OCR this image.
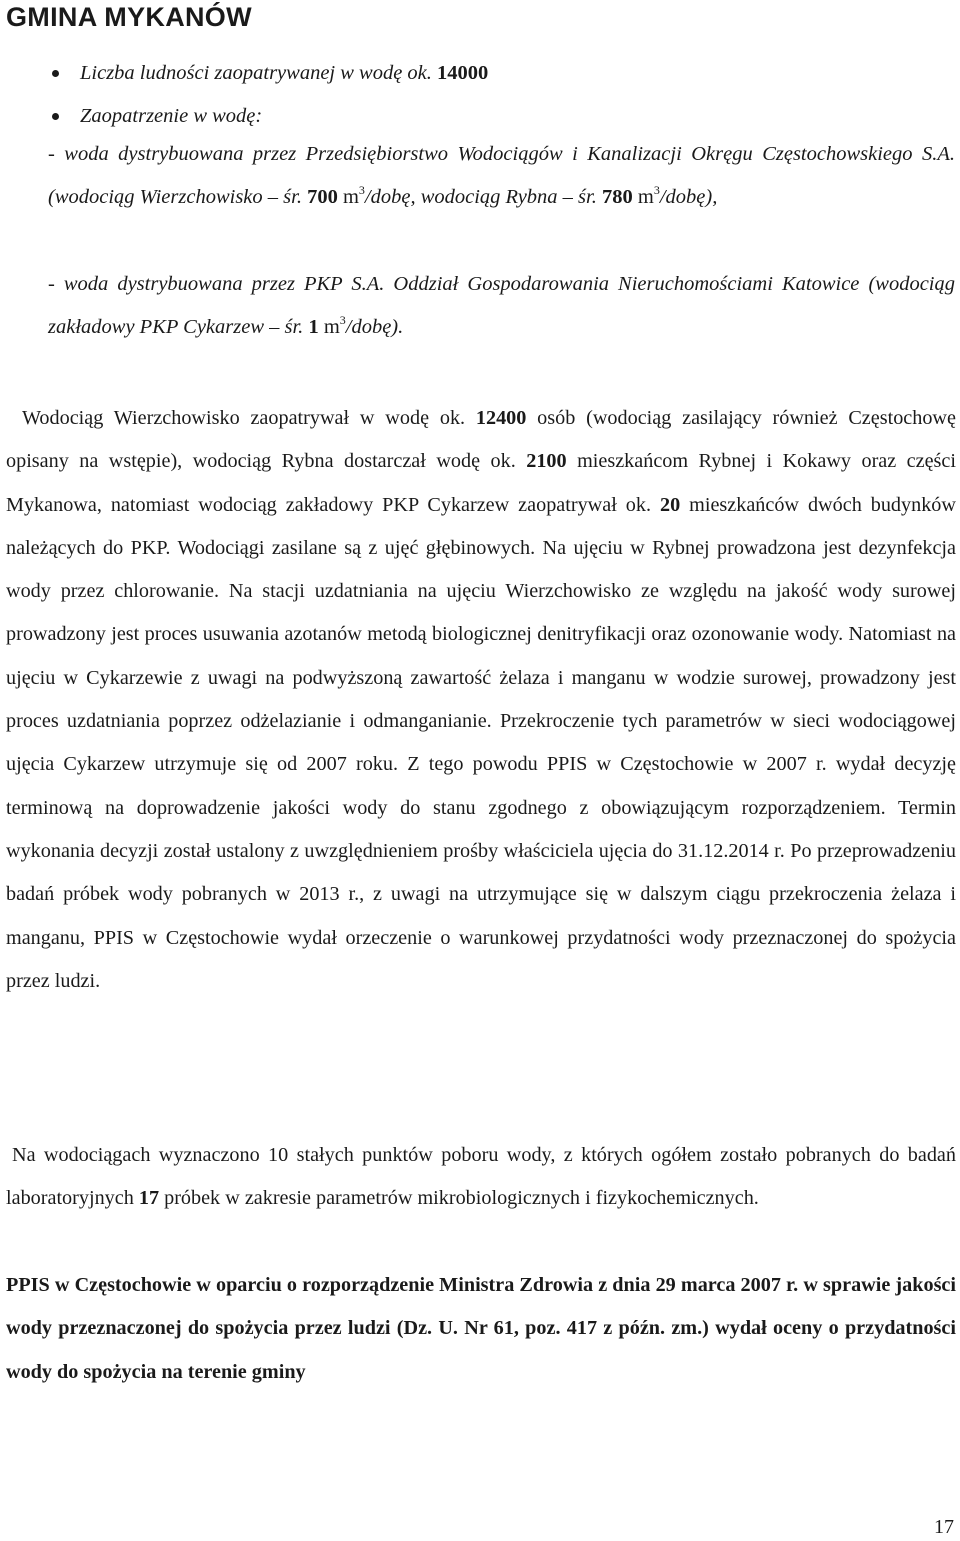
GMINA MYKANÓW
Liczba ludności zaopatrywanej w wodę ok. 14000
Zaopatrzenie w wodę:

- woda dystrybuowana przez Przedsiębiorstwo Wodociągów i Kanalizacji Okręgu Częstochowskiego S.A. (wodociąg Wierzchowisko – śr. 700 $m^3$/dobę, wodociąg Rybna – śr. 780 $m^3/dobę$),

- woda dystrybuowana przez PKP S.A. Oddział Gospodarowania Nieruchomościami Katowice (wodociąg zakładowy PKP Cykarzew – śr. 1 $m^3/dobę$).

Wodociąg Wierzchowisko zaopatrywał w wodę ok. 12400 osób (wodociąg zasilający również Częstochowę opisany na wstępie), wodociąg Rybna dostarczał wodę ok. 2100 mieszkańcom Rybnej i Kokawy oraz części Mykanowa, natomiast wodociąg zakładowy PKP Cykarzew zaopatrywał ok. 20 mieszkańców dwóch budynków należących do PKP. Wodociągi zasilane są z ujęć głębinowych. Na ujęciu w Rybnej prowadzona jest dezynfekcja wody przez chlorowanie. Na stacji uzdatniania na ujęciu Wierzchowisko ze względu na jakość wody surowej prowadzony jest proces usuwania azotanów metodą biologicznej denitryfikacji oraz ozonowanie wody. Natomiast na ujęciu w Cykarzewie z uwagi na podwyższoną zawartość żelaza i manganu w wodzie surowej, prowadzony jest proces uzdatniania poprzez odżelazianie i odmanganianie. Przekroczenie tych parametrów w sieci wodociągowej ujęcia Cykarzew utrzymuje się od 2007 roku. Z tego powodu PPIS w Częstochowie w 2007 r. wydał decyzję terminową na doprowadzenie jakości wody do stanu zgodnego z obowiązującym rozporządzeniem. Termin wykonania decyzji został ustalony z uwzględnieniem prośby właściciela ujęcia do 31.12.2014 r. Po przeprowadzeniu badań próbek wody pobranych w 2013 r., z uwagi na utrzymujące się w dalszym ciągu przekroczenia żelaza i manganu, PPIS w Częstochowie wydał orzeczenie o warunkowej przydatności wody przeznaczonej do spożycia przez ludzi.

Na wodociągach wyznaczono 10 stałych punktów poboru wody, z których ogółem zostało pobranych do badań laboratoryjnych 17 próbek w zakresie parametrów mikrobiologicznych i fizykochemicznych.

PPIS w Częstochowie w oparciu o rozporządzenie Ministra Zdrowia z dnia 29 marca 2007 r. w sprawie jakości wody przeznaczonej do spożycia przez ludzi (Dz. U. Nr 61, poz. 417 z późn. zm.) wydał oceny o przydatności wody do spożycia na terenie gminy

17
